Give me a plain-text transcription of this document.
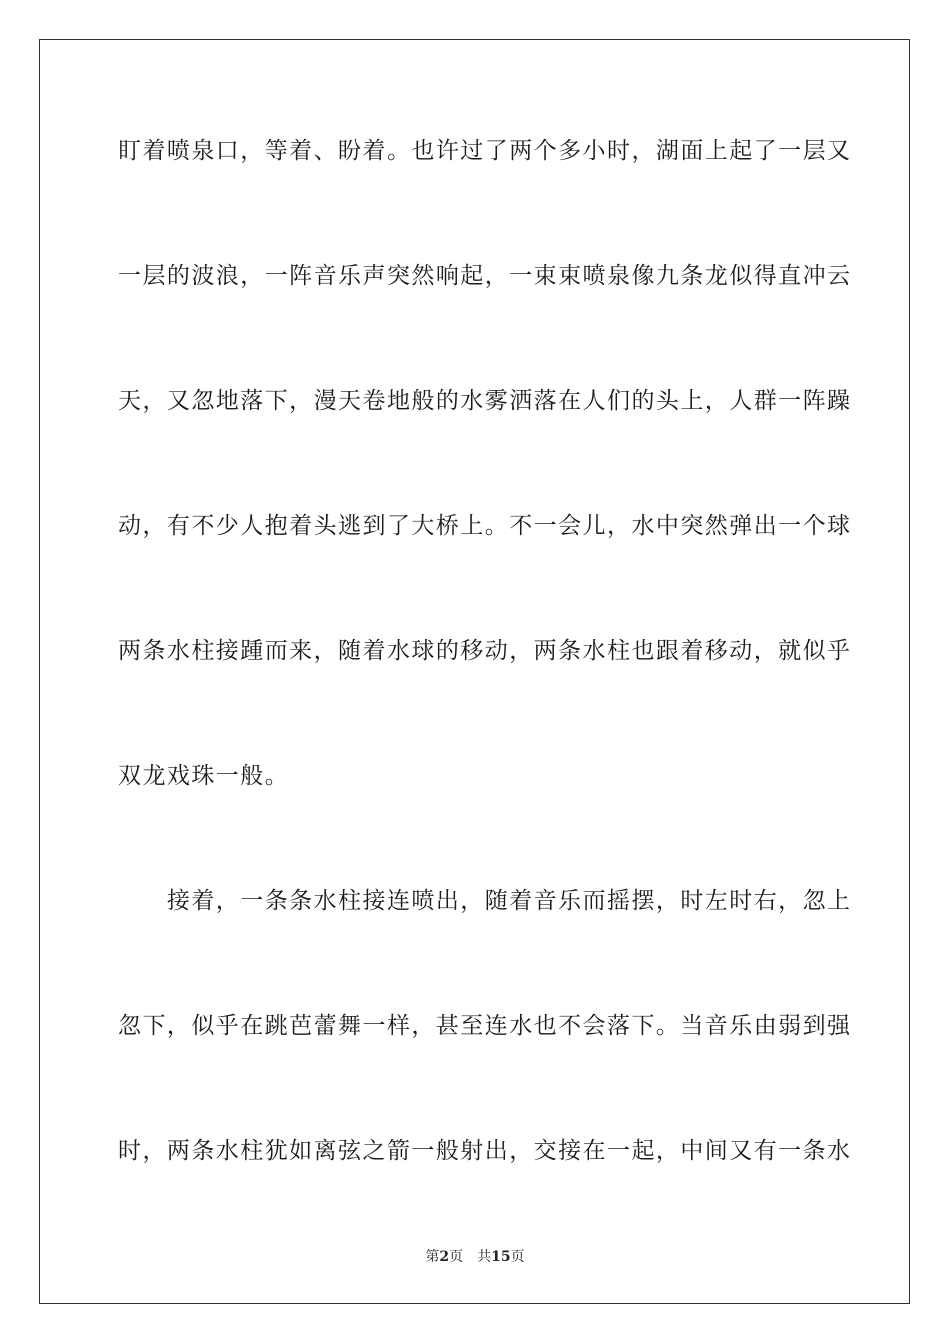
盯着喷泉口，等着、盼着。也许过了两个多小时，湖面上起了一层又
一层的波浪，一阵音乐声突然响起，一束束喷泉像九条龙似得直冲云
天，又忽地落下，漫天卷地般的水雾洒落在人们的头上，人群一阵躁
动，有不少人抱着头逃到了大桥上。不一会儿，水中突然弹出一个球
两条水柱接踵而来，随着水球的移动，两条水柱也跟着移动，就似乎
双龙戏珠一般。
　　接着，一条条水柱接连喷出，随着音乐而摇摆，时左时右，忽上
忽下，似乎在跳芭蕾舞一样，甚至连水也不会落下。当音乐由弱到强
时，两条水柱犹如离弦之箭一般射出，交接在一起，中间又有一条水
第2页 共15页
